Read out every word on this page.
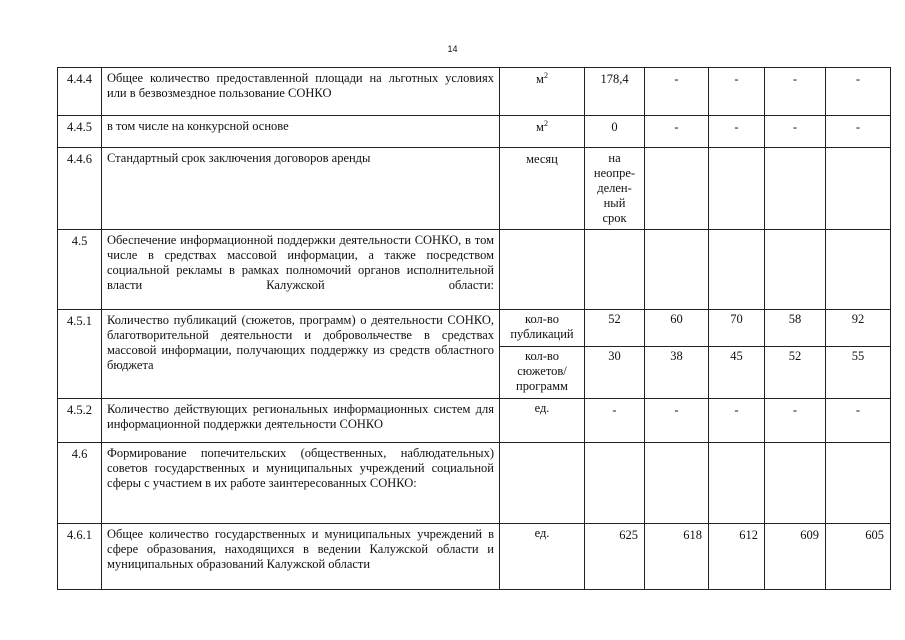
14
4.4.4	Общее количество предоставленной площади на льготных условиях или в безвозмездное пользование СОНКО	$м^2$	178,4	-	-	-	-
4.4.5	в том числе на конкурсной основе	$м^2$	0	-	-	-	-
4.4.6	Стандартный срок заключения договоров аренды	месяц	на неопре-делен-ный срок				
4.5	Обеспечение информационной поддержки деятельности СОНКО, в том числе в средствах массовой информации, а также посредством социальной рекламы в рамках полномочий органов исполнительной власти Калужской области:						
4.5.1	Количество публикаций (сюжетов, программ) о деятельности СОНКО, благотворительной деятельности и добровольчестве в средствах массовой информации, получающих поддержку из средств областного бюджета	кол-во публикаций	52	60	70	58	92
		кол-во сюжетов/ программ	30	38	45	52	55
4.5.2	Количество действующих региональных информационных систем для информационной поддержки деятельности СОНКО	ед.	-	-	-	-	-
4.6	Формирование попечительских (общественных, наблюдательных) советов государственных и муниципальных учреждений социальной сферы с участием в их работе заинтересованных СОНКО:						
4.6.1	Общее количество государственных и муниципальных учреждений в сфере образования, находящихся в ведении Калужской области и муниципальных образований Калужской области	ед.	625	618	612	609	605
